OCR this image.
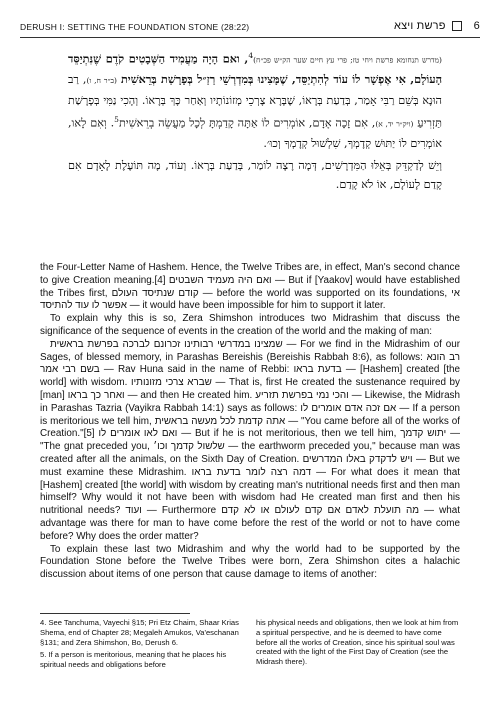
DERUSH I: SETTING THE FOUNDATION STONE (28:22)	6פרשת ויצא

(מדרש תנחומא פרשת ויחי טז; פרי עץ חיים שער הק״ש פכ״ח)$^4$, ואם הָיָה מַעֲמִיד הַשְּׁבָטִים קֹדֶם שֶׁנִּתְיַסֵּד הָעוֹלָם, אִי אֶפְשָׁר לוֹ עוֹד לְהִתְיַסֵּד, שֶׁמָּצִינוּ בְּמִדְרְשֵׁי רַזַ״ל בְּפָרָשַׁת בְּרֵאשִׁית (ב״ר ח, ו), רַב הוּנָא בְּשֵׁם רַבִּי אָמַר, בְּדַעַת בְּרָאוֹ, שֶׁבָּרָא צָרְכֵי מְזוֹנוֹתָיו וְאַחַר כָּךְ בְּרָאוֹ. וְהָכִי נַמִּי בְּפָרָשַׁת תַּזְרִיעַ (ויק״ר יד, א), אִם זָכָה אָדָם, אוֹמְרִים לוֹ אַתָּה קָדַמְתָּ לְכָל מַעֲשֵׂה בְרֵאשִׁית$^5$. וְאִם לָאו, אוֹמְרִים לוֹ יַתּוּשׁ קְדָמְךָ, שִׁלְשׁוּל קְדָמְךָ וְכוּ׳.

וְיֵשׁ לְדַקְדֵּק בְּאֵלּוּ הַמִּדְרָשִׁים, דְּמָה רָצָה לוֹמַר, בְּדַעַת בְּרָאוֹ. וְעוֹד, מָה תּוֹעֶלֶת לָאָדָם אִם קָדַם לָעוֹלָם, אוֹ לֹא קָדַם.

the Four-Letter Name of Hashem. Hence, the Twelve Tribes are, in effect, Man's second chance to give Creation meaning.[4] ואם היה מעמיד השבטים — But if [Yaakov] would have established the Tribes first, קודם שנתיסד העולם — before the world was supported on its foundations, אי אפשר לו עוד להתיסד — it would have been impossible for him to support it later.

To explain why this is so, Zera Shimshon introduces two Midrashim that discuss the significance of the sequence of events in the creation of the world and the making of man:

שמצינו במדרשי רבותינו זכרונם לברכה בפרשת בראשית — For we find in the Midrashim of our Sages, of blessed memory, in Parashas Bereishis (Bereishis Rabbah 8:6), as follows: רב הונא בשם רבי אמר — Rav Huna said in the name of Rebbi: בדעת בראו — [Hashem] created [the world] with wisdom. שברא צרכי מזונותיו — That is, first He created the sustenance required by [man] ואחר כך בראו — and then He created him. והכי נמי בפרשת תזריע — Likewise, the Midrash in Parashas Tazria (Vayikra Rabbah 14:1) says as follows: אם זכה אדם אומרים לו — If a person is meritorious we tell him, אתה קדמת לכל מעשה בראשית — "You came before all of the works of Creation."[5] ואם לאו אומרים לו — But if he is not meritorious, then we tell him, יתוש קדמך — "The gnat preceded you, שלשול קדמך וכו׳ — the earthworm preceded you," because man was created after all the animals, on the Sixth Day of Creation. ויש לדקדק באלו המדרשים — But we must examine these Midrashim. דמה רצה לומר בדעת בראו — For what does it mean that [Hashem] created [the world] with wisdom by creating man's nutritional needs first and then man himself? Why would it not have been with wisdom had He created man first and then his nutritional needs? ועוד — Furthermore מה תועלת לאדם אם קדם לעולם או לא קדם — what advantage was there for man to have come before the rest of the world or not to have come before? Why does the order matter?

To explain these last two Midrashim and why the world had to be supported by the Foundation Stone before the Twelve Tribes were born, Zera Shimshon cites a halachic discussion about items of one person that cause damage to items of another:

4. See Tanchuma, Vayechi §15; Pri Etz Chaim, Shaar Krias Shema, end of Chapter 28; Megaleh Amukos, Va'eschanan §131; and Zera Shimshon, Bo, Derush 6.

5. If a person is meritorious, meaning that he places his spiritual needs and obligations before

his physical needs and obligations, then we look at him from a spiritual perspective, and he is deemed to have come before all the works of Creation, since his spiritual soul was created with the light of the First Day of Creation (see the Midrash there).
